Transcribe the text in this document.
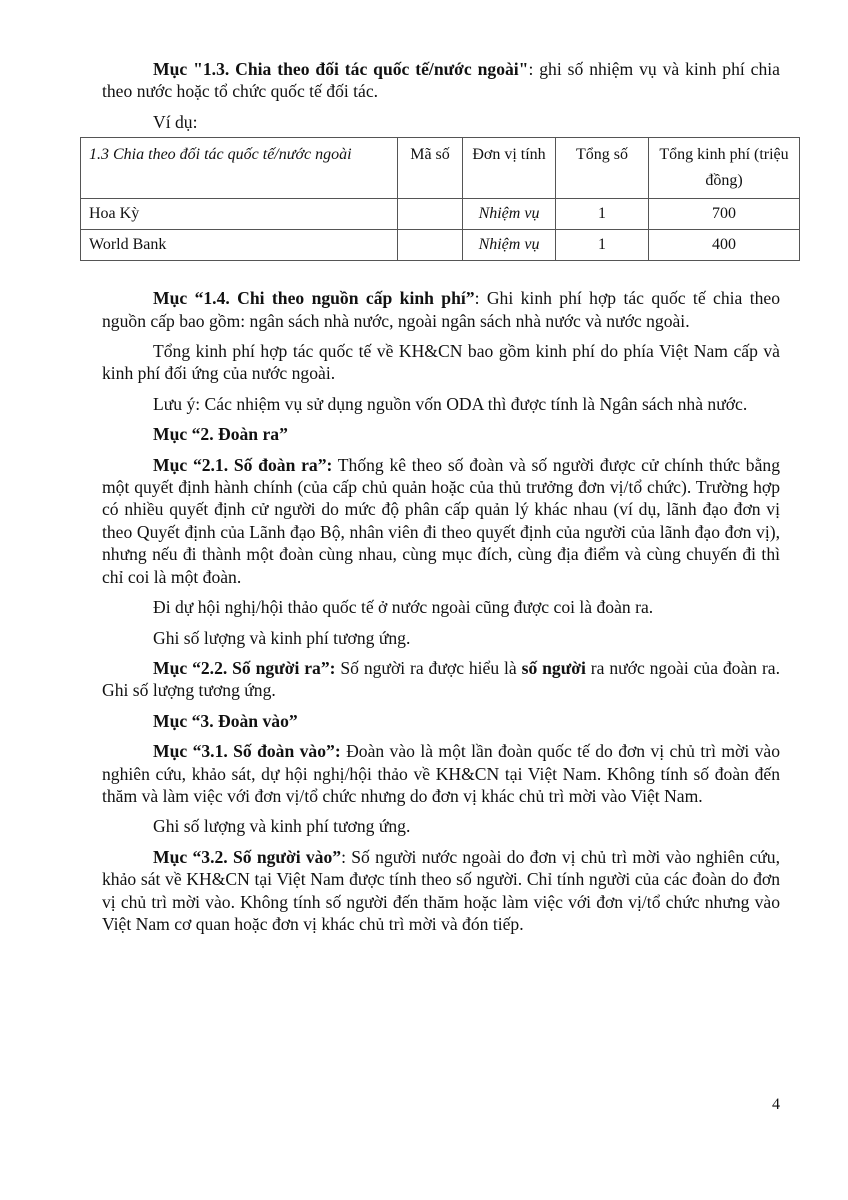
Mục "1.3. Chia theo đối tác quốc tế/nước ngoài": ghi số nhiệm vụ và kinh phí chia theo nước hoặc tổ chức quốc tế đối tác.

Ví dụ:

1.3 Chia theo đối tác quốc tế/nước ngoài	Mã số	Đơn vị tính	Tổng số	Tổng kinh phí (triệu đồng)
Hoa Kỳ		Nhiệm vụ	1	700
World Bank		Nhiệm vụ	1	400

Mục “1.4. Chi theo nguồn cấp kinh phí”: Ghi kinh phí hợp tác quốc tế chia theo nguồn cấp bao gồm: ngân sách nhà nước, ngoài ngân sách nhà nước và nước ngoài.

Tổng kinh phí hợp tác quốc tế về KH&CN bao gồm kinh phí do phía Việt Nam cấp và kinh phí đối ứng của nước ngoài.

Lưu ý: Các nhiệm vụ sử dụng nguồn vốn ODA thì được tính là Ngân sách nhà nước.

Mục “2. Đoàn ra”

Mục “2.1. Số đoàn ra”: Thống kê theo số đoàn và số người được cử chính thức bằng một quyết định hành chính (của cấp chủ quản hoặc của thủ trưởng đơn vị/tổ chức). Trường hợp có nhiều quyết định cử người do mức độ phân cấp quản lý khác nhau (ví dụ, lãnh đạo đơn vị theo Quyết định của Lãnh đạo Bộ, nhân viên đi theo quyết định của người của lãnh đạo đơn vị), nhưng nếu đi thành một đoàn cùng nhau, cùng mục đích, cùng địa điểm và cùng chuyến đi thì chỉ coi là một đoàn.

Đi dự hội nghị/hội thảo quốc tế ở nước ngoài cũng được coi là đoàn ra.

Ghi số lượng và kinh phí tương ứng.

Mục “2.2. Số người ra”: Số người ra được hiểu là số người ra nước ngoài của đoàn ra. Ghi số lượng tương ứng.

Mục “3. Đoàn vào”

Mục “3.1. Số đoàn vào”: Đoàn vào là một lần đoàn quốc tế do đơn vị chủ trì mời vào nghiên cứu, khảo sát, dự hội nghị/hội thảo về KH&CN tại Việt Nam. Không tính số đoàn đến thăm và làm việc với đơn vị/tổ chức nhưng do đơn vị khác chủ trì mời vào Việt Nam.

Ghi số lượng và kinh phí tương ứng.

Mục “3.2. Số người vào”: Số người nước ngoài do đơn vị chủ trì mời vào nghiên cứu, khảo sát về KH&CN tại Việt Nam được tính theo số người. Chỉ tính người của các đoàn do đơn vị chủ trì mời vào. Không tính số người đến thăm hoặc làm việc với đơn vị/tổ chức nhưng vào Việt Nam cơ quan hoặc đơn vị khác chủ trì mời và đón tiếp.

4
